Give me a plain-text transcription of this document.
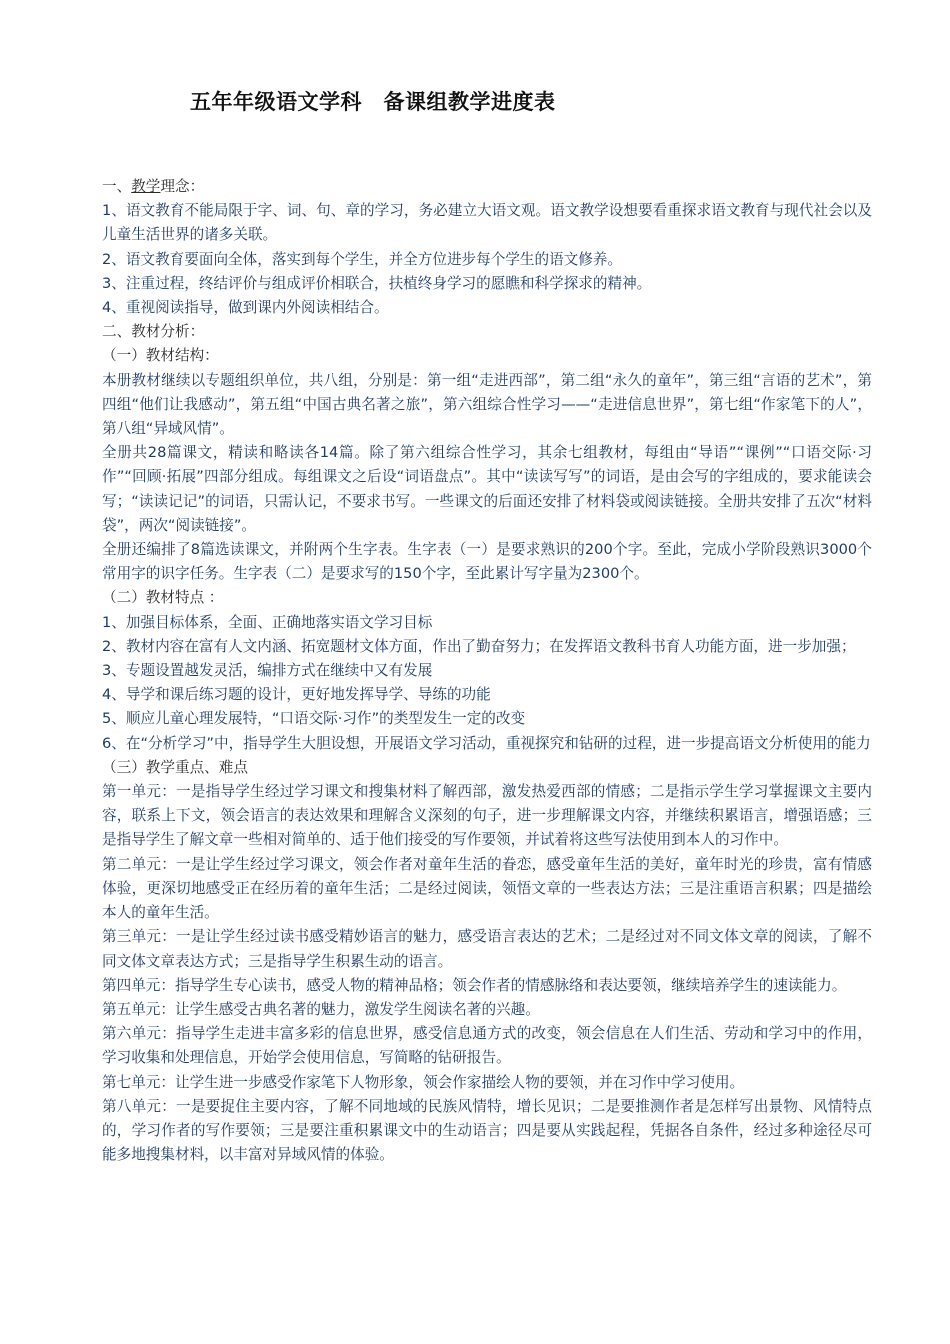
五年年级语文学科　备课组教学进度表

一、教学理念：

1、语文教育不能局限于字、词、句、章的学习，务必建立大语文观。语文教学设想要看重探求语文教育与现代社会以及儿童生活世界的诸多关联。

2、语文教育要面向全体，落实到每个学生，并全方位进步每个学生的语文修养。

3、注重过程，终结评价与组成评价相联合，扶植终身学习的愿瞧和科学探求的精神。

4、重视阅读指导，做到课内外阅读相结合。

二、教材分析：

（一）教材结构：

本册教材继续以专题组织单位，共八组，分别是：第一组“走进西部”，第二组“永久的童年”，第三组“言语的艺术”，第四组“他们让我感动”，第五组“中国古典名著之旅”，第六组综合性学习——“走进信息世界”，第七组“作家笔下的人”，第八组“异域风情”。

全册共28篇课文，精读和略读各14篇。除了第六组综合性学习，其余七组教材，每组由“导语”“课例”“口语交际·习作”“回顾·拓展”四部分组成。每组课文之后设“词语盘点”。其中“读读写写”的词语，是由会写的字组成的，要求能读会写；“读读记记”的词语，只需认记，不要求书写。一些课文的后面还安排了材料袋或阅读链接。全册共安排了五次“材料袋”，两次“阅读链接”。

全册还编排了8篇选读课文，并附两个生字表。生字表（一）是要求熟识的200个字。至此，完成小学阶段熟识3000个常用字的识字任务。生字表（二）是要求写的150个字，至此累计写字量为2300个。

（二）教材特点 ：

1、加强目标体系，全面、正确地落实语文学习目标

2、教材内容在富有人文内涵、拓宽题材文体方面，作出了勤奋努力；在发挥语文教科书育人功能方面，进一步加强；

3、专题设置越发灵活，编排方式在继续中又有发展

4、导学和课后练习题的设计，更好地发挥导学、导练的功能

5、顺应儿童心理发展特，“口语交际·习作”的类型发生一定的改变

6、在“分析学习”中，指导学生大胆设想，开展语文学习活动，重视探究和钻研的过程，进一步提高语文分析使用的能力

（三）教学重点、难点

第一单元：一是指导学生经过学习课文和搜集材料了解西部，激发热爱西部的情感；二是指示学生学习掌握课文主要内容，联系上下文，领会语言的表达效果和理解含义深刻的句子，进一步理解课文内容，并继续积累语言，增强语感；三是指导学生了解文章一些相对简单的、适于他们接受的写作要领，并试着将这些写法使用到本人的习作中。

第二单元：一是让学生经过学习课文，领会作者对童年生活的眷恋，感受童年生活的美好，童年时光的珍贵，富有情感体验，更深切地感受正在经历着的童年生活；二是经过阅读，领悟文章的一些表达方法；三是注重语言积累；四是描绘本人的童年生活。

第三单元：一是让学生经过读书感受精妙语言的魅力，感受语言表达的艺术；二是经过对不同文体文章的阅读，了解不同文体文章表达方式；三是指导学生积累生动的语言。

第四单元：指导学生专心读书，感受人物的精神品格；领会作者的情感脉络和表达要领，继续培养学生的速读能力。

第五单元：让学生感受古典名著的魅力，激发学生阅读名著的兴趣。

第六单元：指导学生走进丰富多彩的信息世界，感受信息通方式的改变，领会信息在人们生活、劳动和学习中的作用，学习收集和处理信息，开始学会使用信息，写简略的钻研报告。

第七单元：让学生进一步感受作家笔下人物形象，领会作家描绘人物的要领，并在习作中学习使用。

第八单元：一是要捉住主要内容，了解不同地域的民族风情特，增长见识；二是要推测作者是怎样写出景物、风情特点的，学习作者的写作要领；三是要注重积累课文中的生动语言；四是要从实践起程，凭据各自条件，经过多种途径尽可能多地搜集材料，以丰富对异域风情的体验。
